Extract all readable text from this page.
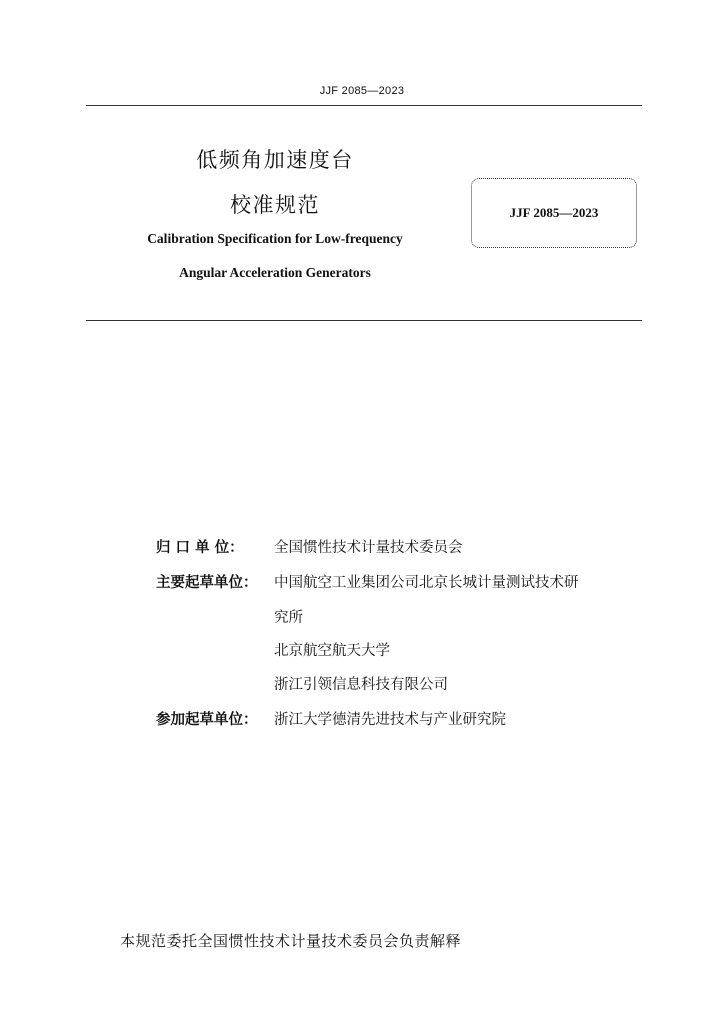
JJF 2085—2023
低频角加速度台
校准规范
Calibration Specification for Low-frequency
Angular Acceleration Generators
JJF 2085—2023
归 口 单 位：	全国惯性技术计量技术委员会
主要起草单位：	中国航空工业集团公司北京长城计量测试技术研
究所
北京航空航天大学
浙江引领信息科技有限公司
参加起草单位：	浙江大学德清先进技术与产业研究院
本规范委托全国惯性技术计量技术委员会负责解释
